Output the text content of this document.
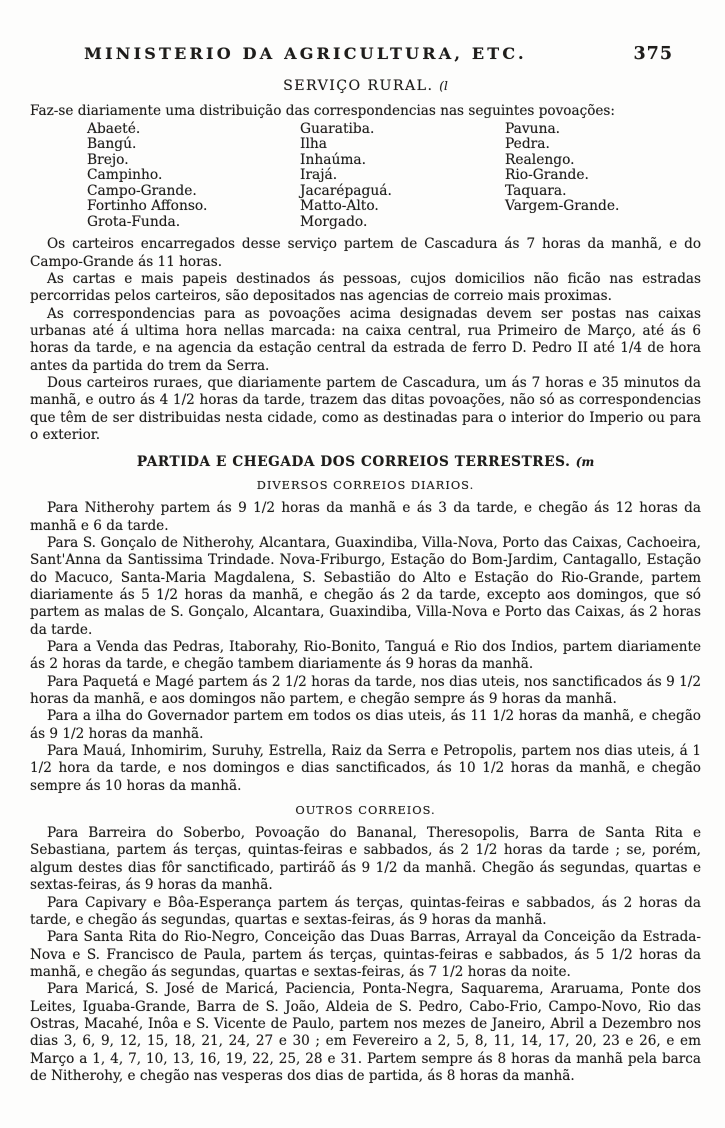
MINISTERIO DA AGRICULTURA, ETC.	375
SERVIÇO RURAL. (l

Faz-se diariamente uma distribuição das correspondencias nas seguintes povoações:

Abaeté.
Bangú.
Brejo.
Campinho.
Campo-Grande.
Fortinho Affonso.
Grota-Funda.
Guaratiba.
Ilha
Inhaúma.
Irajá.
Jacarépaguá.
Matto-Alto.
Morgado.
Pavuna.
Pedra.
Realengo.
Rio-Grande.
Taquara.
Vargem-Grande.

Os carteiros encarregados desse serviço partem de Cascadura ás 7 horas da manhã, e do Campo-Grande ás 11 horas.

As cartas e mais papeis destinados ás pessoas, cujos domicilios não ficão nas estradas percorridas pelos carteiros, são depositados nas agencias de correio mais proximas.

As correspondencias para as povoações acima designadas devem ser postas nas caixas urbanas até á ultima hora nellas marcada: na caixa central, rua Primeiro de Março, até ás 6 horas da tarde, e na agencia da estação central da estrada de ferro D. Pedro II até 1/4 de hora antes da partida do trem da Serra.

Dous carteiros ruraes, que diariamente partem de Cascadura, um ás 7 horas e 35 minutos da manhã, e outro ás 4 1/2 horas da tarde, trazem das ditas povoações, não só as correspondencias que têm de ser distribuidas nesta cidade, como as destinadas para o interior do Imperio ou para o exterior.

PARTIDA E CHEGADA DOS CORREIOS TERRESTRES. (m
DIVERSOS CORREIOS DIARIOS.

Para Nitherohy partem ás 9 1/2 horas da manhã e ás 3 da tarde, e chegão ás 12 horas da manhã e 6 da tarde.

Para S. Gonçalo de Nitherohy, Alcantara, Guaxindiba, Villa-Nova, Porto das Caixas, Cachoeira, Sant'Anna da Santissima Trindade. Nova-Friburgo, Estação do Bom-Jardim, Cantagallo, Estação do Macuco, Santa-Maria Magdalena, S. Sebastião do Alto e Estação do Rio-Grande, partem diariamente ás 5 1/2 horas da manhã, e chegão ás 2 da tarde, excepto aos domingos, que só partem as malas de S. Gonçalo, Alcantara, Guaxindiba, Villa-Nova e Porto das Caixas, ás 2 horas da tarde.

Para a Venda das Pedras, Itaborahy, Rio-Bonito, Tanguá e Rio dos Indios, partem diariamente ás 2 horas da tarde, e chegão tambem diariamente ás 9 horas da manhã.

Para Paquetá e Magé partem ás 2 1/2 horas da tarde, nos dias uteis, nos sanctificados ás 9 1/2 horas da manhã, e aos domingos não partem, e chegão sempre ás 9 horas da manhã.

Para a ilha do Governador partem em todos os dias uteis, ás 11 1/2 horas da manhã, e chegão ás 9 1/2 horas da manhã.

Para Mauá, Inhomirim, Suruhy, Estrella, Raiz da Serra e Petropolis, partem nos dias uteis, á 1 1/2 hora da tarde, e nos domingos e dias sanctificados, ás 10 1/2 horas da manhã, e chegão sempre ás 10 horas da manhã.

OUTROS CORREIOS.

Para Barreira do Soberbo, Povoação do Bananal, Theresopolis, Barra de Santa Rita e Sebastiana, partem ás terças, quintas-feiras e sabbados, ás 2 1/2 horas da tarde ; se, porém, algum destes dias fôr sanctificado, partiráõ ás 9 1/2 da manhã. Chegão ás segundas, quartas e sextas-feiras, ás 9 horas da manhã.

Para Capivary e Bôa-Esperança partem ás terças, quintas-feiras e sabbados, ás 2 horas da tarde, e chegão ás segundas, quartas e sextas-feiras, ás 9 horas da manhã.

Para Santa Rita do Rio-Negro, Conceição das Duas Barras, Arrayal da Conceição da Estrada-Nova e S. Francisco de Paula, partem ás terças, quintas-feiras e sabbados, ás 5 1/2 horas da manhã, e chegão ás segundas, quartas e sextas-feiras, ás 7 1/2 horas da noite.

Para Maricá, S. José de Maricá, Paciencia, Ponta-Negra, Saquarema, Araruama, Ponte dos Leites, Iguaba-Grande, Barra de S. João, Aldeia de S. Pedro, Cabo-Frio, Campo-Novo, Rio das Ostras, Macahé, Inôa e S. Vicente de Paulo, partem nos mezes de Janeiro, Abril a Dezembro nos dias 3, 6, 9, 12, 15, 18, 21, 24, 27 e 30 ; em Fevereiro a 2, 5, 8, 11, 14, 17, 20, 23 e 26, e em Março a 1, 4, 7, 10, 13, 16, 19, 22, 25, 28 e 31. Partem sempre ás 8 horas da manhã pela barca de Nitherohy, e chegão nas vesperas dos dias de partida, ás 8 horas da manhã.
